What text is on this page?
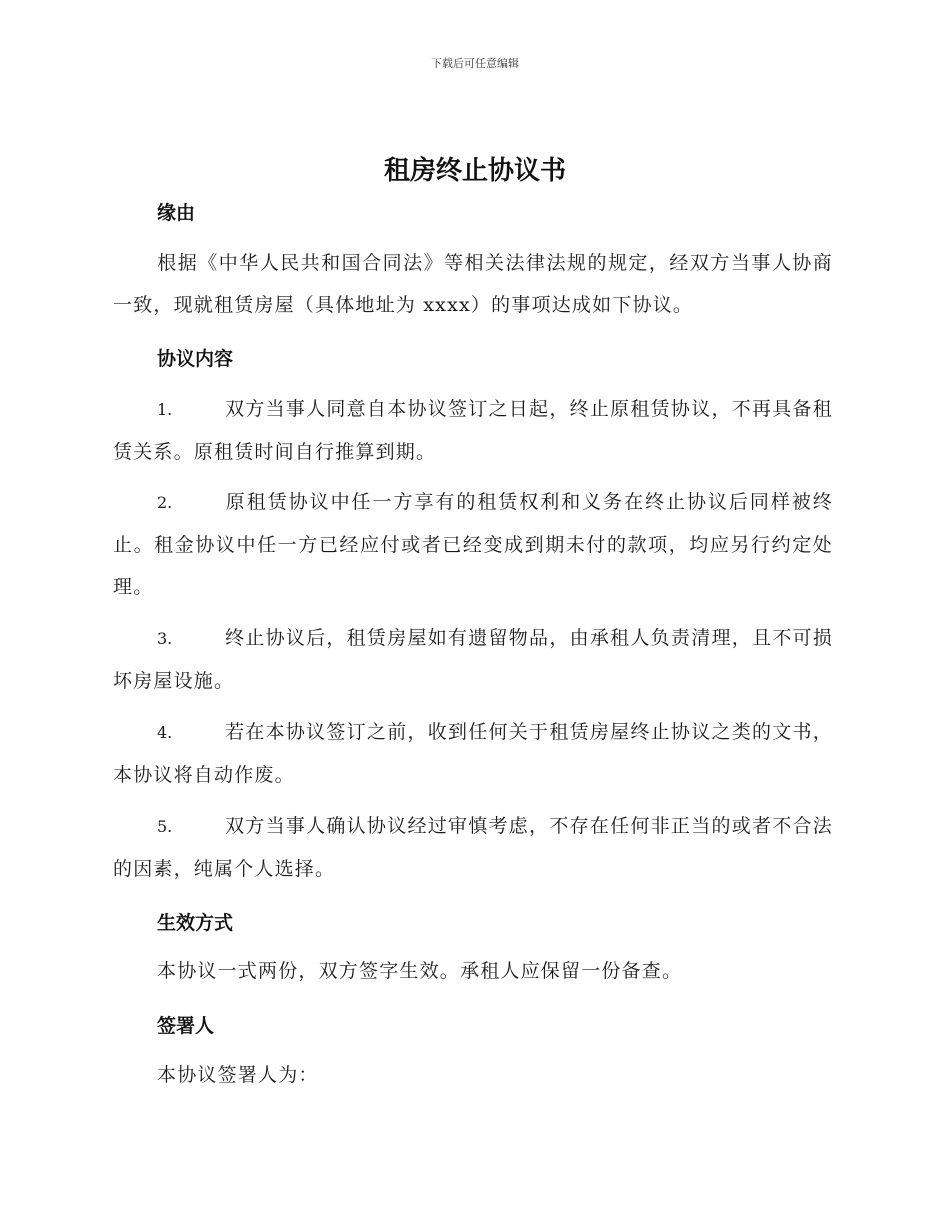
下载后可任意编辑
租房终止协议书
缘由
根据《中华人民共和国合同法》等相关法律法规的规定，经双方当事人协商一致，现就租赁房屋（具体地址为 xxxx）的事项达成如下协议。
协议内容
1.	双方当事人同意自本协议签订之日起，终止原租赁协议，不再具备租赁关系。原租赁时间自行推算到期。
2.	原租赁协议中任一方享有的租赁权利和义务在终止协议后同样被终止。租金协议中任一方已经应付或者已经变成到期未付的款项，均应另行约定处理。
3.	终止协议后，租赁房屋如有遗留物品，由承租人负责清理，且不可损坏房屋设施。
4.	若在本协议签订之前，收到任何关于租赁房屋终止协议之类的文书，本协议将自动作废。
5.	双方当事人确认协议经过审慎考虑，不存在任何非正当的或者不合法的因素，纯属个人选择。
生效方式
本协议一式两份，双方签字生效。承租人应保留一份备查。
签署人
本协议签署人为：
